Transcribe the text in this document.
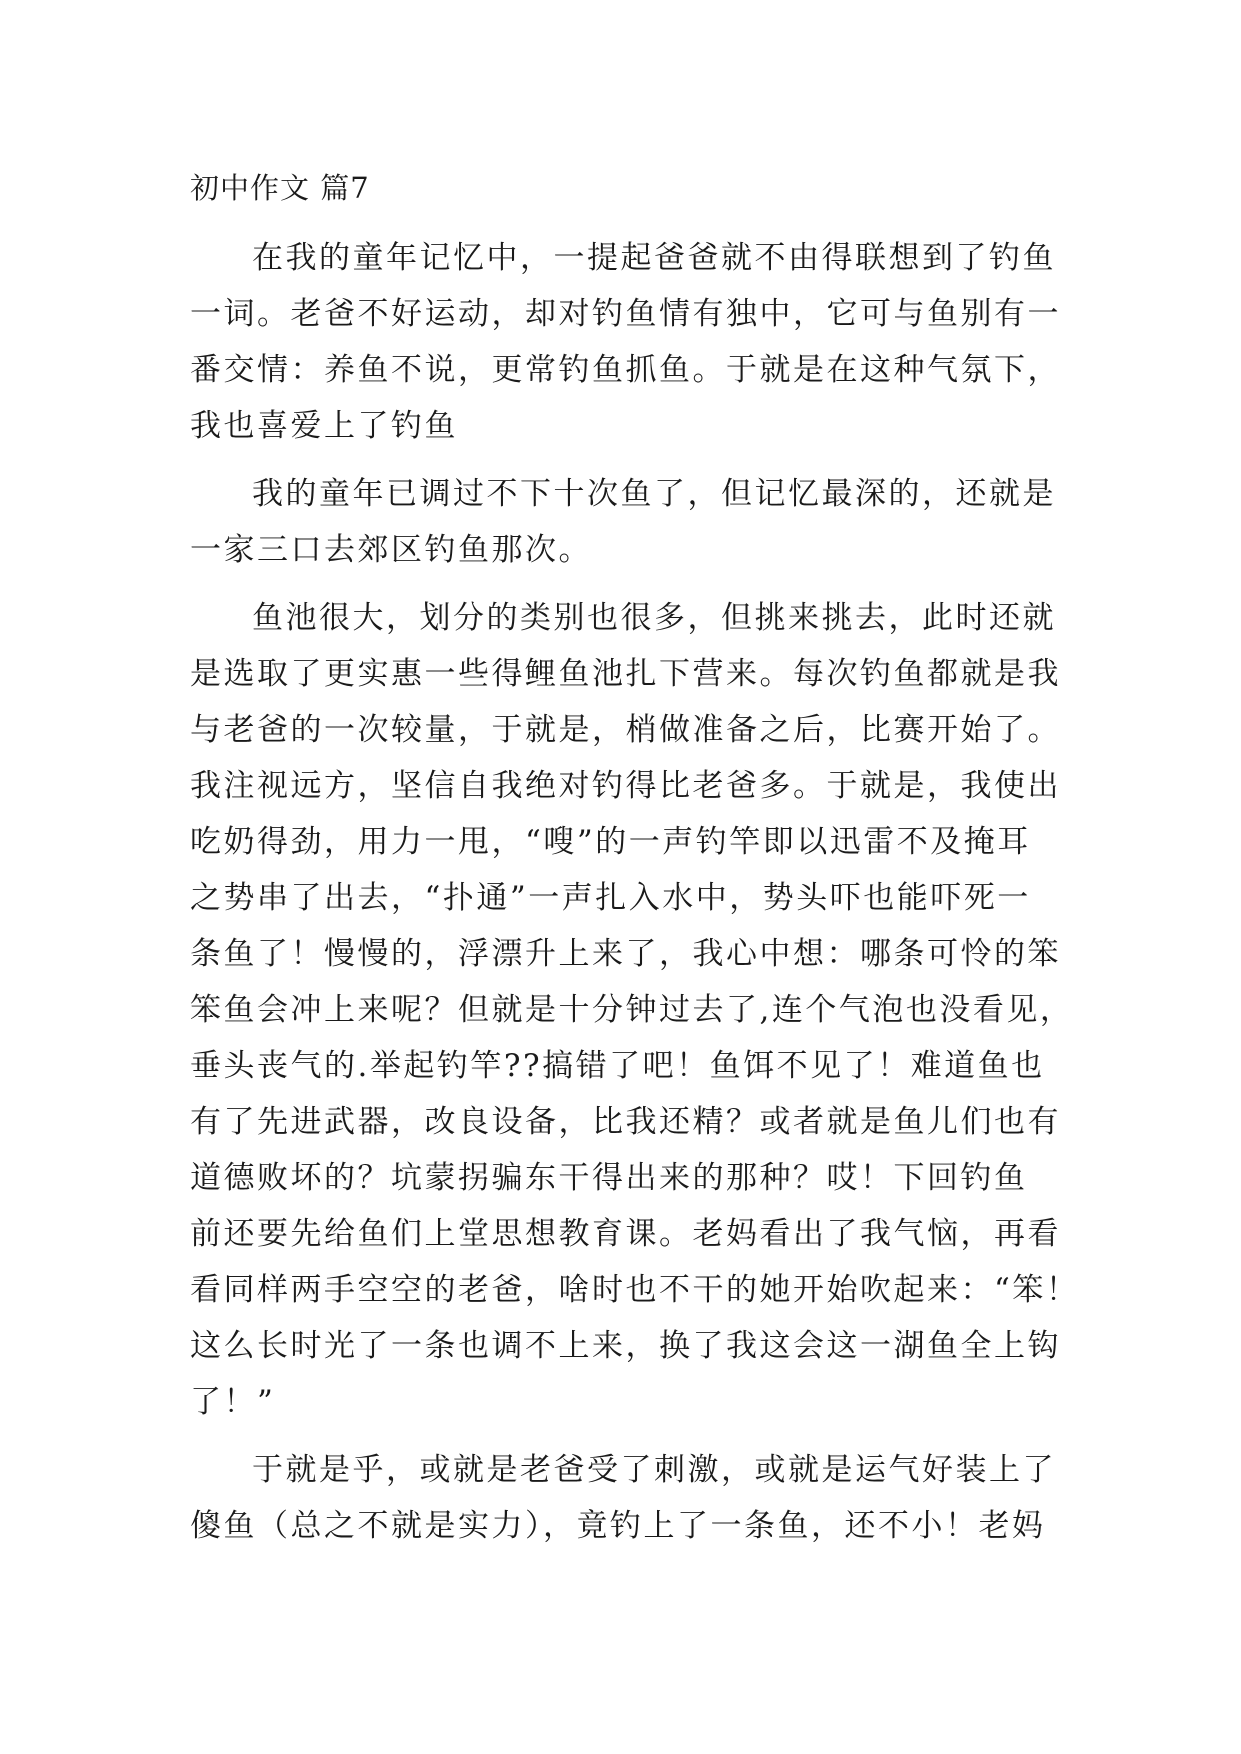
初中作文 篇7
在我的童年记忆中，一提起爸爸就不由得联想到了钓鱼
一词。老爸不好运动，却对钓鱼情有独中，它可与鱼别有一
番交情：养鱼不说，更常钓鱼抓鱼。于就是在这种气氛下，
我也喜爱上了钓鱼
我的童年已调过不下十次鱼了，但记忆最深的，还就是
一家三口去郊区钓鱼那次。
鱼池很大，划分的类别也很多，但挑来挑去，此时还就
是选取了更实惠一些得鲤鱼池扎下营来。每次钓鱼都就是我
与老爸的一次较量，于就是，梢做准备之后，比赛开始了。
我注视远方，坚信自我绝对钓得比老爸多。于就是，我使出
吃奶得劲，用力一甩，“嗖”的一声钓竿即以迅雷不及掩耳
之势串了出去，“扑通”一声扎入水中，势头吓也能吓死一
条鱼了！慢慢的，浮漂升上来了，我心中想：哪条可怜的笨
笨鱼会冲上来呢？但就是十分钟过去了,连个气泡也没看见，
垂头丧气的.举起钓竿??搞错了吧！鱼饵不见了！难道鱼也
有了先进武器，改良设备，比我还精？或者就是鱼儿们也有
道德败坏的？坑蒙拐骗东干得出来的那种？哎！下回钓鱼
前还要先给鱼们上堂思想教育课。老妈看出了我气恼，再看
看同样两手空空的老爸，啥时也不干的她开始吹起来：“笨！
这么长时光了一条也调不上来，换了我这会这一湖鱼全上钩
了！”
于就是乎，或就是老爸受了刺激，或就是运气好装上了
傻鱼（总之不就是实力），竟钓上了一条鱼，还不小！老妈
